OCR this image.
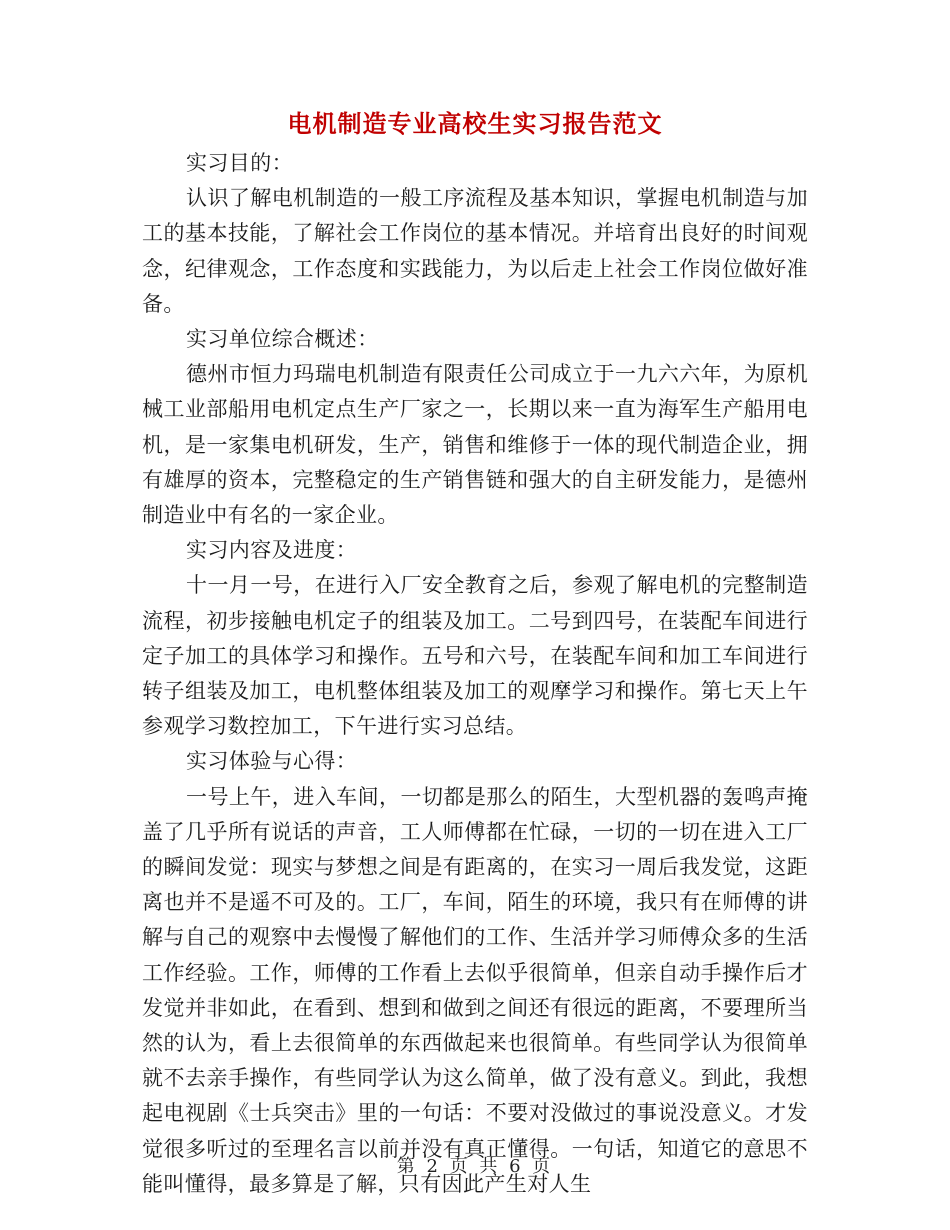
电机制造专业高校生实习报告范文
实习目的：

认识了解电机制造的一般工序流程及基本知识，掌握电机制造与加工的基本技能，了解社会工作岗位的基本情况。并培育出良好的时间观念，纪律观念，工作态度和实践能力，为以后走上社会工作岗位做好准备。

实习单位综合概述：

德州市恒力玛瑞电机制造有限责任公司成立于一九六六年，为原机械工业部船用电机定点生产厂家之一，长期以来一直为海军生产船用电机，是一家集电机研发，生产，销售和维修于一体的现代制造企业，拥有雄厚的资本，完整稳定的生产销售链和强大的自主研发能力，是德州制造业中有名的一家企业。

实习内容及进度：

十一月一号，在进行入厂安全教育之后，参观了解电机的完整制造流程，初步接触电机定子的组装及加工。二号到四号，在装配车间进行定子加工的具体学习和操作。五号和六号，在装配车间和加工车间进行转子组装及加工，电机整体组装及加工的观摩学习和操作。第七天上午参观学习数控加工，下午进行实习总结。

实习体验与心得：

一号上午，进入车间，一切都是那么的陌生，大型机器的轰鸣声掩盖了几乎所有说话的声音，工人师傅都在忙碌，一切的一切在进入工厂的瞬间发觉：现实与梦想之间是有距离的，在实习一周后我发觉，这距离也并不是遥不可及的。工厂，车间，陌生的环境，我只有在师傅的讲解与自己的观察中去慢慢了解他们的工作、生活并学习师傅众多的生活工作经验。工作，师傅的工作看上去似乎很简单，但亲自动手操作后才发觉并非如此，在看到、想到和做到之间还有很远的距离，不要理所当然的认为，看上去很简单的东西做起来也很简单。有些同学认为很简单就不去亲手操作，有些同学认为这么简单，做了没有意义。到此，我想起电视剧《士兵突击》里的一句话：不要对没做过的事说没意义。才发觉很多听过的至理名言以前并没有真正懂得。一句话，知道它的意思不能叫懂得，最多算是了解，只有因此产生对人生

第 2 页 共 6 页
